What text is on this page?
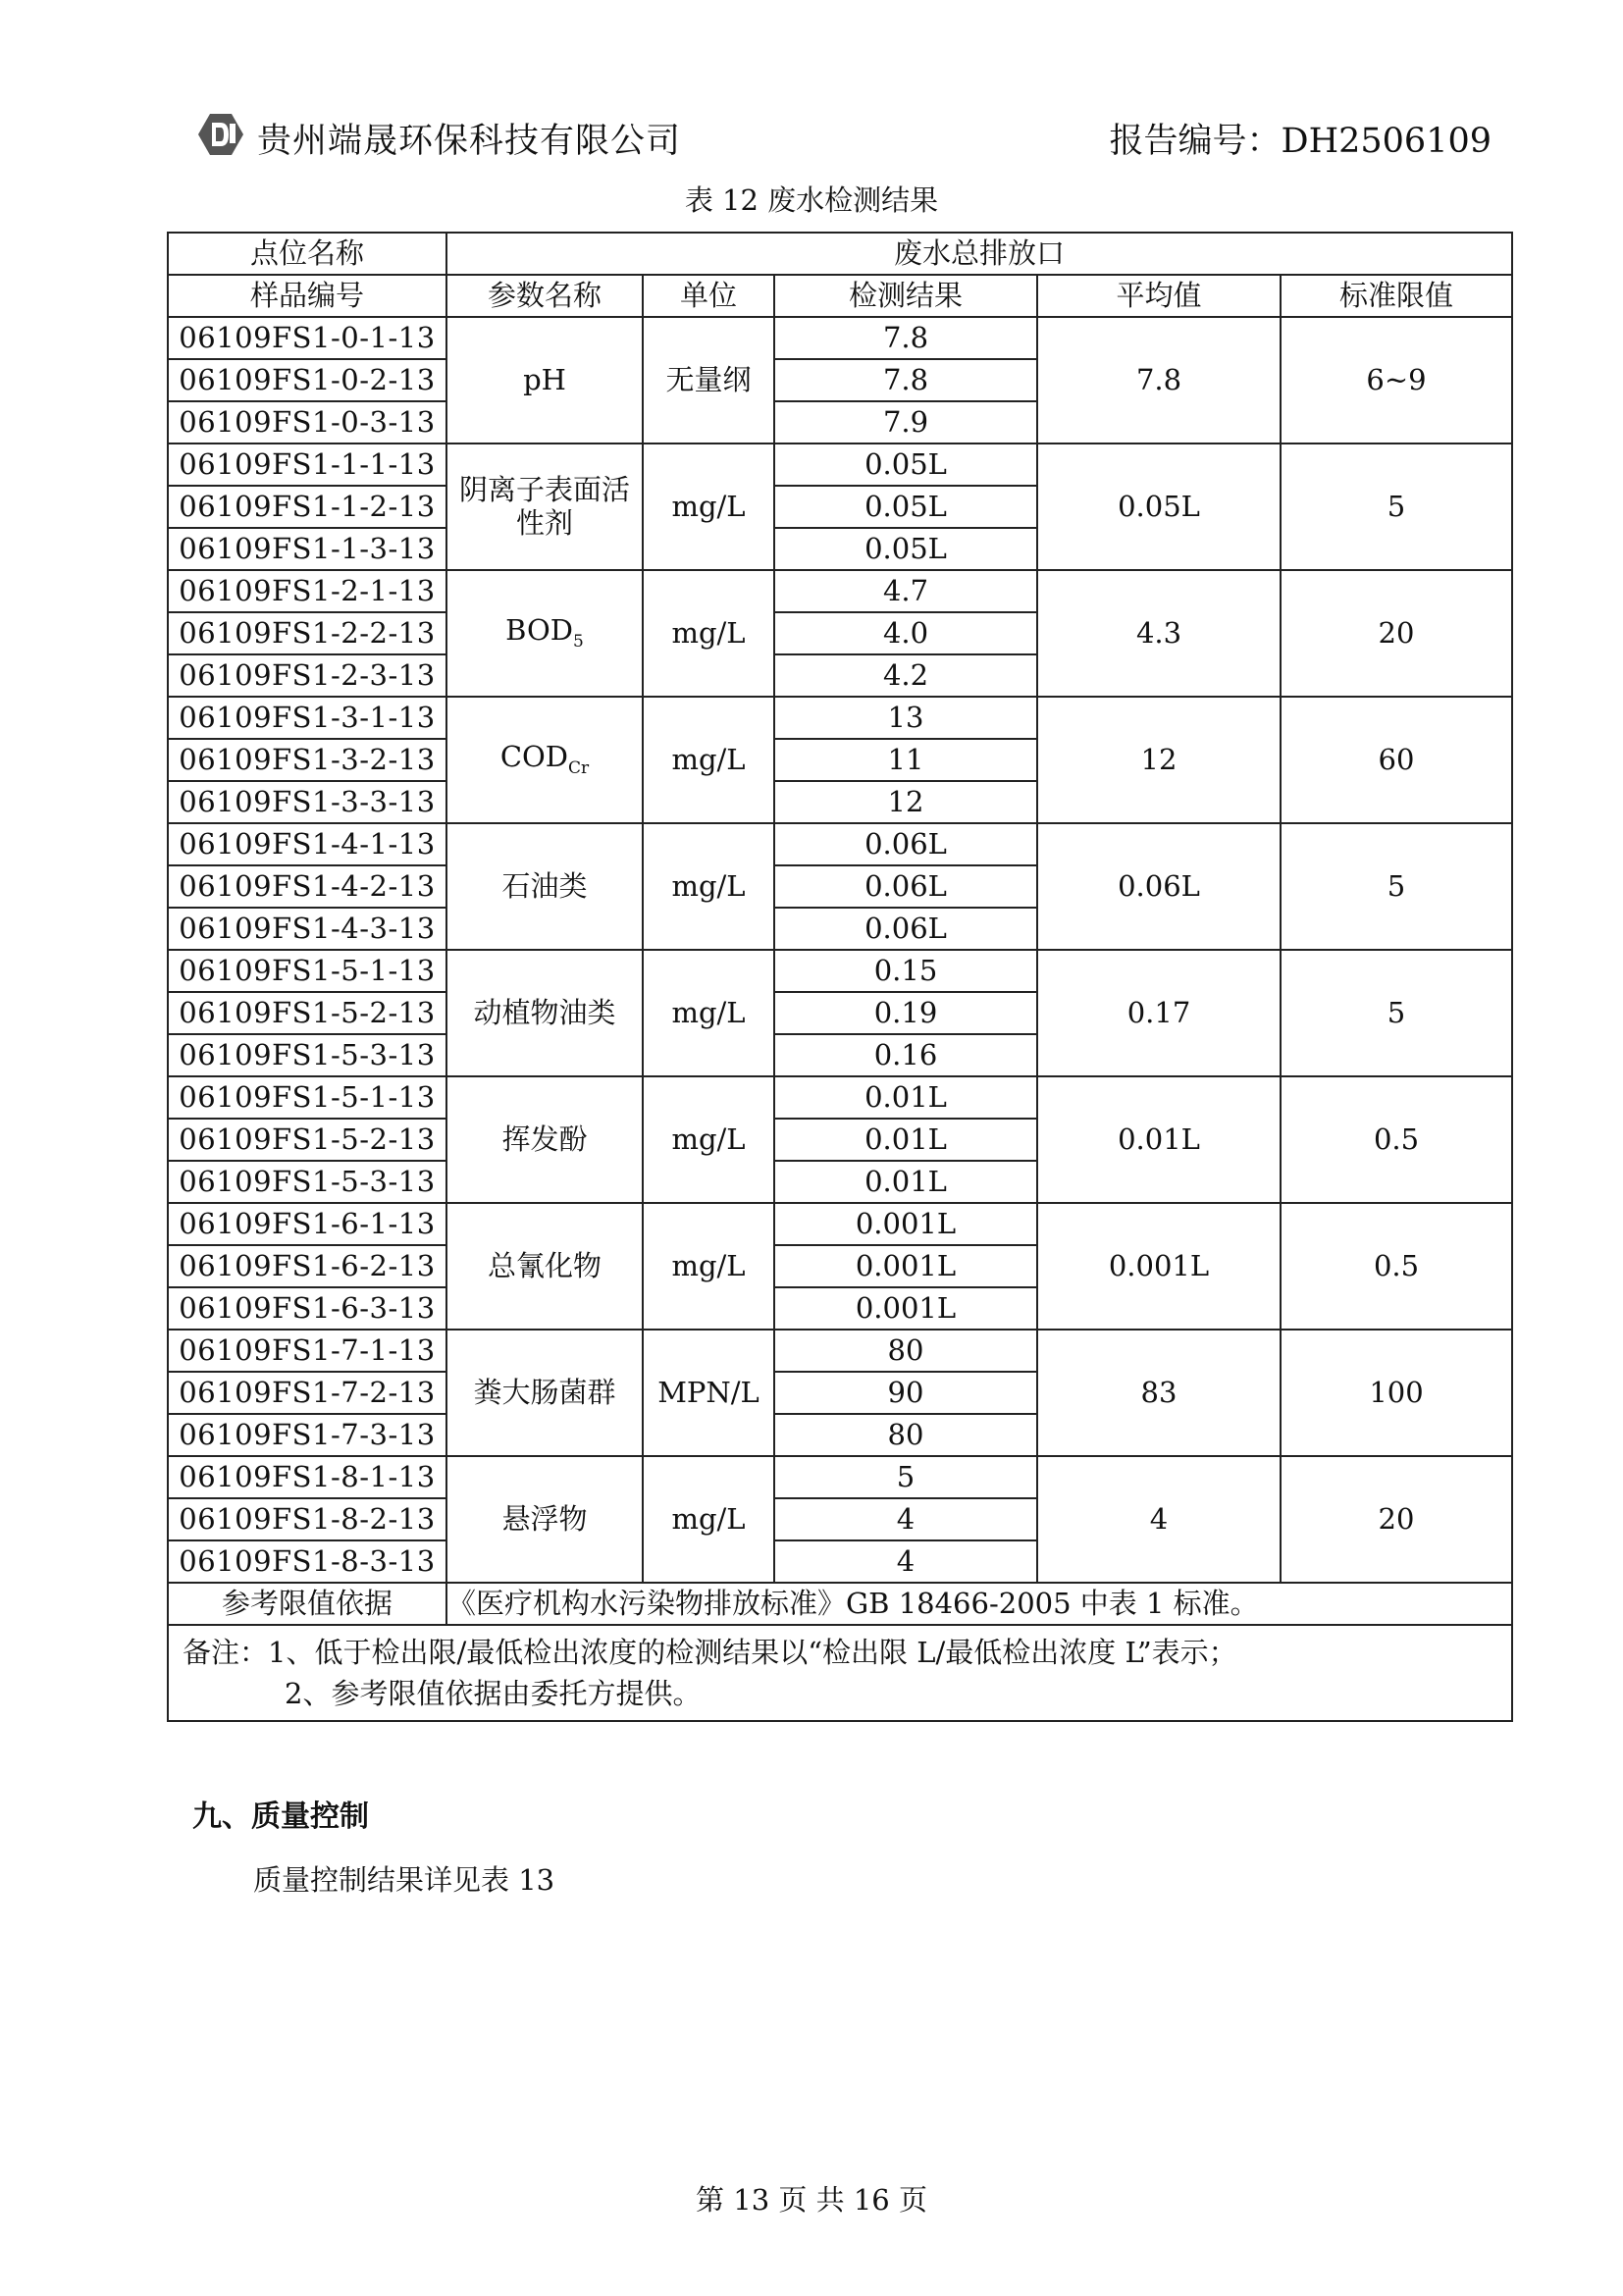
贵州端晟环保科技有限公司	报告编号：DH2506109
表 12 废水检测结果
点位名称	废水总排放口				
样品编号	参数名称	单位	检测结果	平均值	标准限值
06109FS1-0-1-13	pH	无量纲	7.8	7.8	6~9
06109FS1-0-2-13			7.8		
06109FS1-0-3-13			7.9		
06109FS1-1-1-13	阴离子表面活性剂	mg/L	0.05L	0.05L	5
06109FS1-1-2-13			0.05L		
06109FS1-1-3-13			0.05L		
06109FS1-2-1-13	$BOD_5$	mg/L	4.7	4.3	20
06109FS1-2-2-13			4.0		
06109FS1-2-3-13			4.2		
06109FS1-3-1-13	$COD_{Cr}$	mg/L	13	12	60
06109FS1-3-2-13			11		
06109FS1-3-3-13			12		
06109FS1-4-1-13	石油类	mg/L	0.06L	0.06L	5
06109FS1-4-2-13			0.06L		
06109FS1-4-3-13			0.06L		
06109FS1-5-1-13	动植物油类	mg/L	0.15	0.17	5
06109FS1-5-2-13			0.19		
06109FS1-5-3-13			0.16		
06109FS1-5-1-13	挥发酚	mg/L	0.01L	0.01L	0.5
06109FS1-5-2-13			0.01L		
06109FS1-5-3-13			0.01L		
06109FS1-6-1-13	总氰化物	mg/L	0.001L	0.001L	0.5
06109FS1-6-2-13			0.001L		
06109FS1-6-3-13			0.001L		
06109FS1-7-1-13	粪大肠菌群	MPN/L	80	83	100
06109FS1-7-2-13			90		
06109FS1-7-3-13			80		
06109FS1-8-1-13	悬浮物	mg/L	5	4	20
06109FS1-8-2-13			4		
06109FS1-8-3-13			4		
参考限值依据	《医疗机构水污染物排放标准》GB 18466-2005 中表 1 标准。				

备注：1、低于检出限/最低检出浓度的检测结果以“检出限 L/最低检出浓度 L”表示；
2、参考限值依据由委托方提供。					
九、质量控制
质量控制结果详见表 13
第 13 页 共 16 页
